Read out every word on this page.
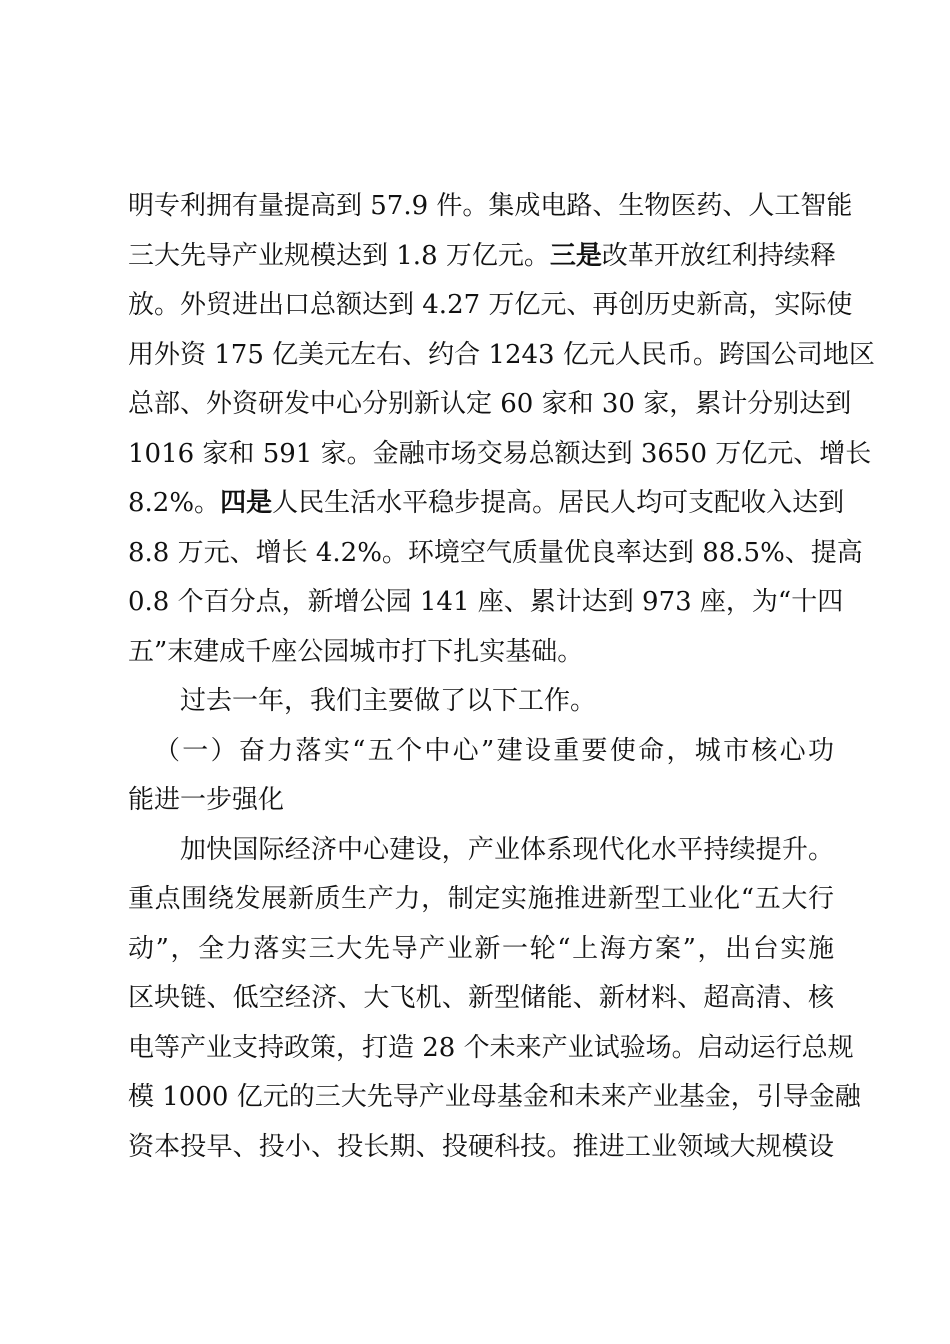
明专利拥有量提高到 57.9 件。集成电路、生物医药、人工智能
三大先导产业规模达到 1.8 万亿元。三是改革开放红利持续释
放。外贸进出口总额达到 4.27 万亿元、再创历史新高，实际使
用外资 175 亿美元左右、约合 1243 亿元人民币。跨国公司地区
总部、外资研发中心分别新认定 60 家和 30 家，累计分别达到
1016 家和 591 家。金融市场交易总额达到 3650 万亿元、增长
8.2%。四是人民生活水平稳步提高。居民人均可支配收入达到
8.8 万元、增长 4.2%。环境空气质量优良率达到 88.5%、提高
0.8 个百分点，新增公园 141 座、累计达到 973 座，为“十四
五”末建成千座公园城市打下扎实基础。
过去一年，我们主要做了以下工作。
（一）奋力落实“五个中心”建设重要使命，城市核心功
能进一步强化
加快国际经济中心建设，产业体系现代化水平持续提升。
重点围绕发展新质生产力，制定实施推进新型工业化“五大行
动”，全力落实三大先导产业新一轮“上海方案”，出台实施
区块链、低空经济、大飞机、新型储能、新材料、超高清、核
电等产业支持政策，打造 28 个未来产业试验场。启动运行总规
模 1000 亿元的三大先导产业母基金和未来产业基金，引导金融
资本投早、投小、投长期、投硬科技。推进工业领域大规模设
